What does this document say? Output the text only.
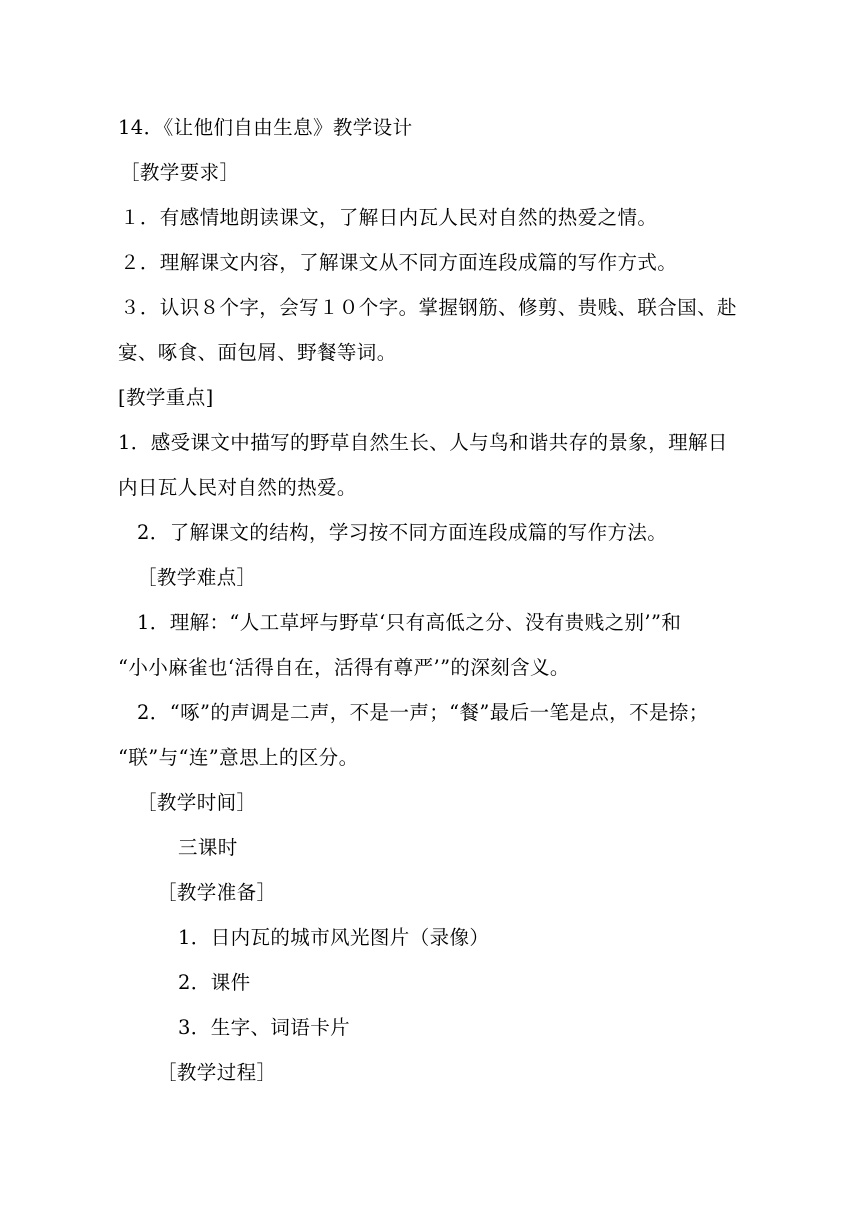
14．《让他们自由生息》教学设计
［教学要求］
１．有感情地朗读课文，了解日内瓦人民对自然的热爱之情。
２．理解课文内容，了解课文从不同方面连段成篇的写作方式。
３．认识８个字，会写１０个字。掌握钢筋、修剪、贵贱、联合国、赴
宴、啄食、面包屑、野餐等词。
[教学重点]
1．感受课文中描写的野草自然生长、人与鸟和谐共存的景象，理解日
内日瓦人民对自然的热爱。
2．了解课文的结构，学习按不同方面连段成篇的写作方法。
［教学难点］
1．理解：“人工草坪与野草‘只有高低之分、没有贵贱之别’”和
“小小麻雀也‘活得自在，活得有尊严’”的深刻含义。
2．“啄”的声调是二声，不是一声；“餐”最后一笔是点，不是捺；
“联”与“连”意思上的区分。
［教学时间］
三课时
［教学准备］
1．日内瓦的城市风光图片（录像）
2．课件
3．生字、词语卡片
［教学过程］
